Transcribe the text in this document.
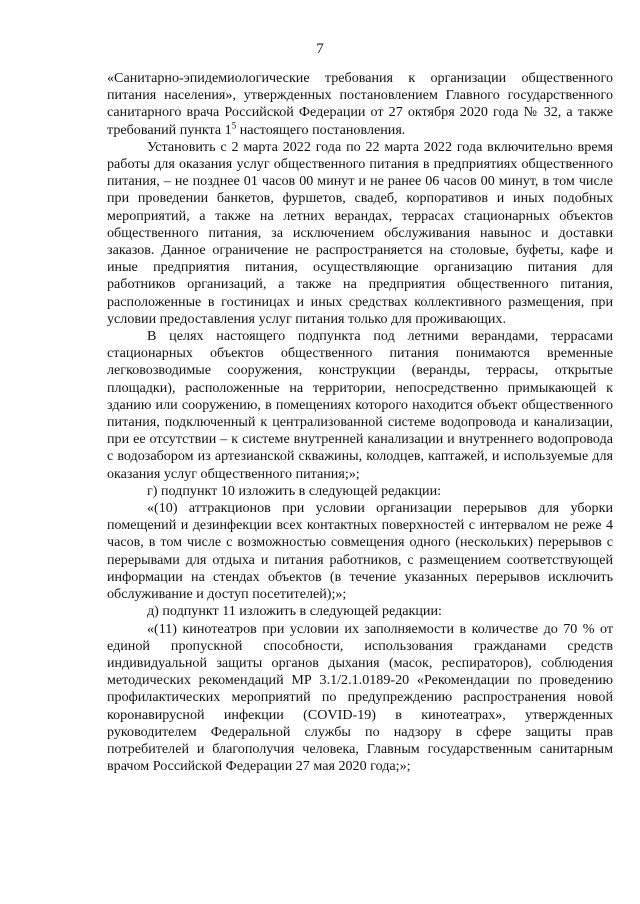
7

«Санитарно-эпидемиологические требования к организации общественного питания населения», утвержденных постановлением Главного государственного санитарного врача Российской Федерации от 27 октября 2020 года № 32, а также требований пункта $1^5$ настоящего постановления.

Установить с 2 марта 2022 года по 22 марта 2022 года включительно время работы для оказания услуг общественного питания в предприятиях общественного питания, – не позднее 01 часов 00 минут и не ранее 06 часов 00 минут, в том числе при проведении банкетов, фуршетов, свадеб, корпоративов и иных подобных мероприятий, а также на летних верандах, террасах стационарных объектов общественного питания, за исключением обслуживания навынос и доставки заказов. Данное ограничение не распространяется на столовые, буфеты, кафе и иные предприятия питания, осуществляющие организацию питания для работников организаций, а также на предприятия общественного питания, расположенные в гостиницах и иных средствах коллективного размещения, при условии предоставления услуг питания только для проживающих.

В целях настоящего подпункта под летними верандами, террасами стационарных объектов общественного питания понимаются временные легковозводимые сооружения, конструкции (веранды, террасы, открытые площадки), расположенные на территории, непосредственно примыкающей к зданию или сооружению, в помещениях которого находится объект общественного питания, подключенный к централизованной системе водопровода и канализации, при ее отсутствии – к системе внутренней канализации и внутреннего водопровода с водозабором из артезианской скважины, колодцев, каптажей, и используемые для оказания услуг общественного питания;»;

г) подпункт 10 изложить в следующей редакции:

«(10) аттракционов при условии организации перерывов для уборки помещений и дезинфекции всех контактных поверхностей с интервалом не реже 4 часов, в том числе с возможностью совмещения одного (нескольких) перерывов с перерывами для отдыха и питания работников, с размещением соответствующей информации на стендах объектов (в течение указанных перерывов исключить обслуживание и доступ посетителей);»;

д) подпункт 11 изложить в следующей редакции:

«(11) кинотеатров при условии их заполняемости в количестве до 70 % от единой пропускной способности, использования гражданами средств индивидуальной защиты органов дыхания (масок, респираторов), соблюдения методических рекомендаций МР 3.1/2.1.0189-20 «Рекомендации по проведению профилактических мероприятий по предупреждению распространения новой коронавирусной инфекции (COVID-19) в кинотеатрах», утвержденных руководителем Федеральной службы по надзору в сфере защиты прав потребителей и благополучия человека, Главным государственным санитарным врачом Российской Федерации 27 мая 2020 года;»;
